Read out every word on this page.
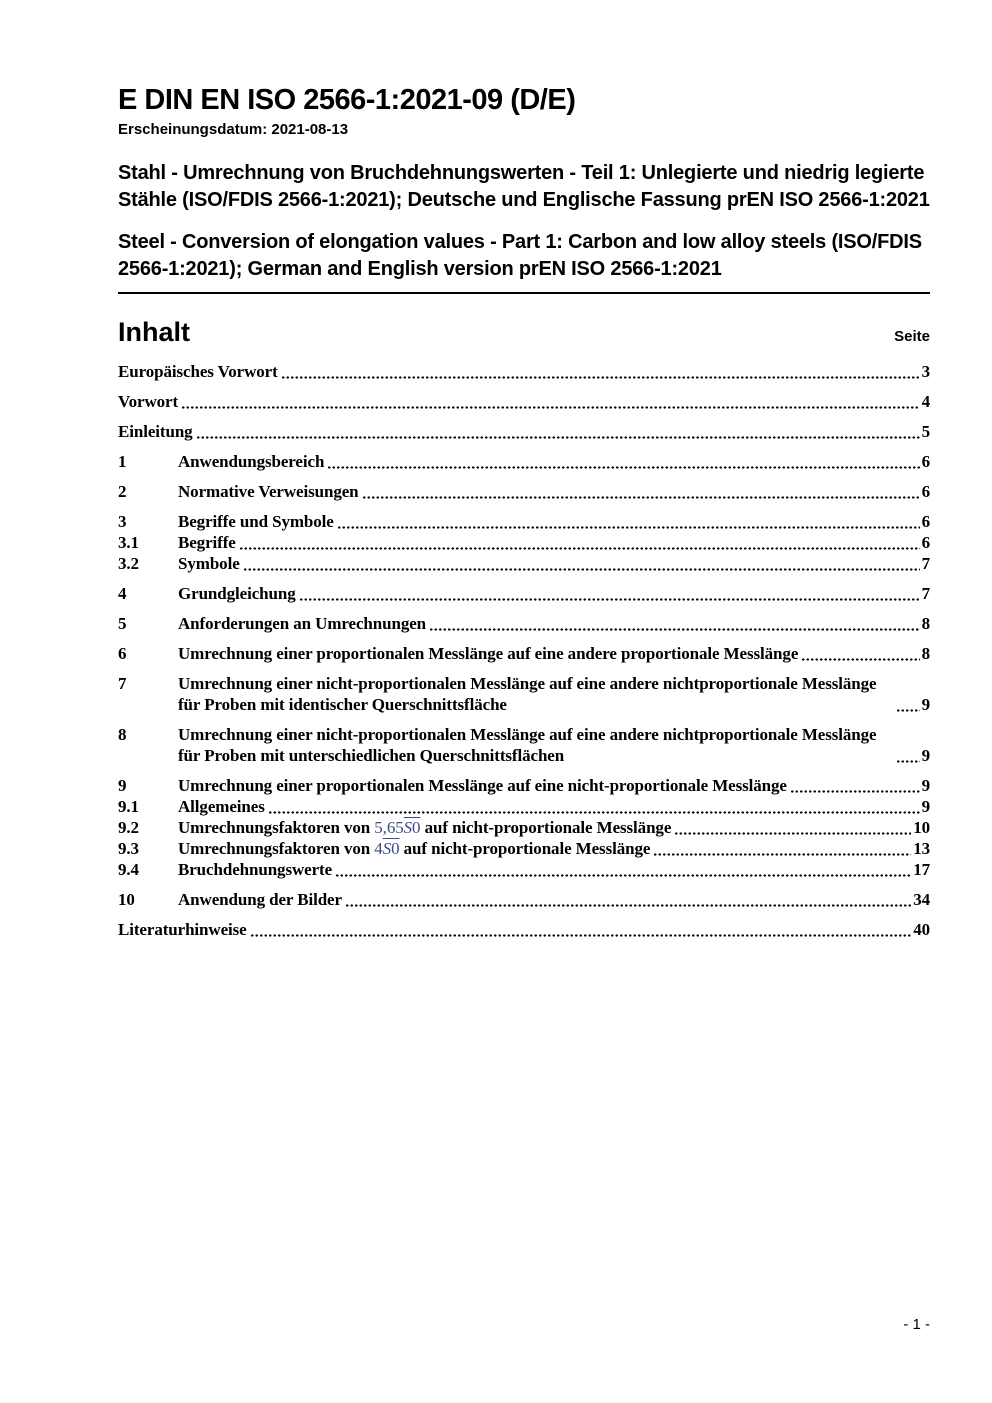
E DIN EN ISO 2566-1:2021-09 (D/E)
Erscheinungsdatum: 2021-08-13

Stahl - Umrechnung von Bruchdehnungswerten - Teil 1: Unlegierte und niedrig legierte Stähle (ISO/FDIS 2566-1:2021); Deutsche und Englische Fassung prEN ISO 2566-1:2021

Steel - Conversion of elongation values - Part 1: Carbon and low alloy steels (ISO/FDIS 2566-1:2021); German and English version prEN ISO 2566-1:2021

Inhalt	Seite
Europäisches Vorwort	3
Vorwort	4
Einleitung	5
1	Anwendungsbereich	6
2	Normative Verweisungen	6
3	Begriffe und Symbole	6
3.1	Begriffe	6
3.2	Symbole	7
4	Grundgleichung	7
5	Anforderungen an Umrechnungen	8
6	Umrechnung einer proportionalen Messlänge auf eine andere proportionale Messlänge	8
7	Umrechnung einer nicht-proportionalen Messlänge auf eine andere nichtproportionale Messlänge für Proben mit identischer Querschnittsfläche	9
8	Umrechnung einer nicht-proportionalen Messlänge auf eine andere nichtproportionale Messlänge für Proben mit unterschiedlichen Querschnittsflächen	9
9	Umrechnung einer proportionalen Messlänge auf eine nicht-proportionale Messlänge	9
9.1	Allgemeines	9
9.2	Umrechnungsfaktoren von 5,65S0 auf nicht-proportionale Messlänge	10
9.3	Umrechnungsfaktoren von 4S0 auf nicht-proportionale Messlänge	13
9.4	Bruchdehnungswerte	17
10	Anwendung der Bilder	34
Literaturhinweise	40
- 1 -
